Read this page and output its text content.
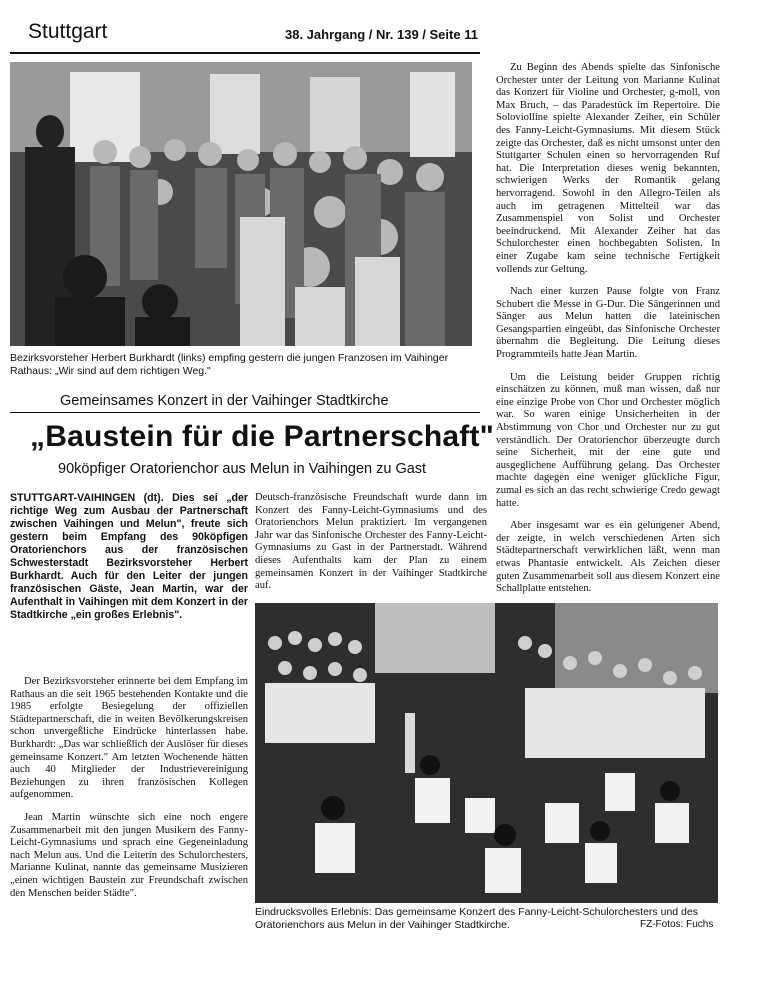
Stuttgart	38. Jahrgang / Nr. 139 / Seite 11
Bezirksvorsteher Herbert Burkhardt (links) empfing gestern die jungen Franzosen im Vaihinger Rathaus: „Wir sind auf dem richtigen Weg."
Gemeinsames Konzert in der Vaihinger Stadtkirche
„Baustein für die Partnerschaft"
90köpfiger Oratorienchor aus Melun in Vaihingen zu Gast
STUTTGART-VAIHINGEN (dt). Dies sei „der richtige Weg zum Ausbau der Partnerschaft zwischen Vaihingen und Melun", freute sich gestern beim Empfang des 90köpfigen Oratorienchors aus der französischen Schwesterstadt Bezirksvorsteher Herbert Burkhardt. Auch für den Leiter der jungen französischen Gäste, Jean Martin, war der Aufenthalt in Vaihingen mit dem Konzert in der Stadtkirche „ein großes Erlebnis".

Der Bezirksvorsteher erinnerte bei dem Empfang im Rathaus an die seit 1965 bestehenden Kontakte und die 1985 erfolgte Besiegelung der offiziellen Städtepartnerschaft, die in weiten Bevölkerungskreisen schon unvergeßliche Eindrücke hinterlassen habe. Burkhardt: „Das war schließlich der Auslöser für dieses gemeinsame Konzert." Am letzten Wochenende hätten auch 40 Mitglieder der Industrievereinigung Beziehungen zu ihren französischen Kollegen aufgenommen.

Jean Martin wünschte sich eine noch engere Zusammenarbeit mit den jungen Musikern des Fanny-Leicht-Gymnasiums und sprach eine Gegeneinladung nach Melun aus. Und die Leiterin des Schulorchesters, Marianne Kulinat, nannte das gemeinsame Musizieren „einen wichtigen Baustein zur Freundschaft zwischen den Menschen beider Städte".

Deutsch-französische Freundschaft wurde dann im Konzert des Fanny-Leicht-Gymnasiums und des Oratorienchors Melun praktiziert. Im vergangenen Jahr war das Sinfonische Orchester des Fanny-Leicht-Gymnasiums zu Gast in der Partnerstadt. Während dieses Aufenthalts kam der Plan zu einem gemeinsamen Konzert in der Vaihinger Stadtkirche auf.

Zu Beginn des Abends spielte das Sinfonische Orchester unter der Leitung von Marianne Kulinat das Konzert für Violine und Orchester, g-moll, von Max Bruch, – das Paradestück im Repertoire. Die Soloviolline spielte Alexander Zeiher, ein Schüler des Fanny-Leicht-Gymnasiums. Mit diesem Stück zeigte das Orchester, daß es nicht umsonst unter den Stuttgarter Schulen einen so hervorragenden Ruf hat. Die Interpretation dieses wenig bekannten, schwierigen Werks der Romantik gelang hervorragend. Sowohl in den Allegro-Teilen als auch im getragenen Mittelteil war das Zusammenspiel von Solist und Orchester beeindruckend. Mit Alexander Zeiher hat das Schulorchester einen hochbegabten Solisten. In einer Zugabe kam seine technische Fertigkeit vollends zur Geltung.

Nach einer kurzen Pause folgte von Franz Schubert die Messe in G-Dur. Die Sängerinnen und Sänger aus Melun hatten die lateinischen Gesangspartien eingeübt, das Sinfonische Orchester übernahm die Begleitung. Die Leitung dieses Programmteils hatte Jean Martin.

Um die Leistung beider Gruppen richtig einschätzen zu können, muß man wissen, daß nur eine einzige Probe von Chor und Orchester möglich war. So waren einige Unsicherheiten in der Abstimmung von Chor und Orchester nur zu gut verständlich. Der Oratorienchor überzeugte durch seine Sicherheit, mit der eine gute und ausgeglichene Aufführung gelang. Das Orchester machte dagegen eine weniger glückliche Figur, zumal es sich an das recht schwierige Credo gewagt hatte.

Aber insgesamt war es ein gelungener Abend, der zeigte, in welch verschiedenen Arten sich Städtepartnerschaft verwirklichen läßt, wenn man etwas Phantasie entwickelt. Als Zeichen dieser guten Zusammenarbeit soll aus diesem Konzert eine Schallplatte entstehen.

Eindrucksvolles Erlebnis: Das gemeinsame Konzert des Fanny-Leicht-Schulorchesters und des Oratorienchors aus Melun in der Vaihinger Stadtkirche.	FZ-Fotos: Fuchs
